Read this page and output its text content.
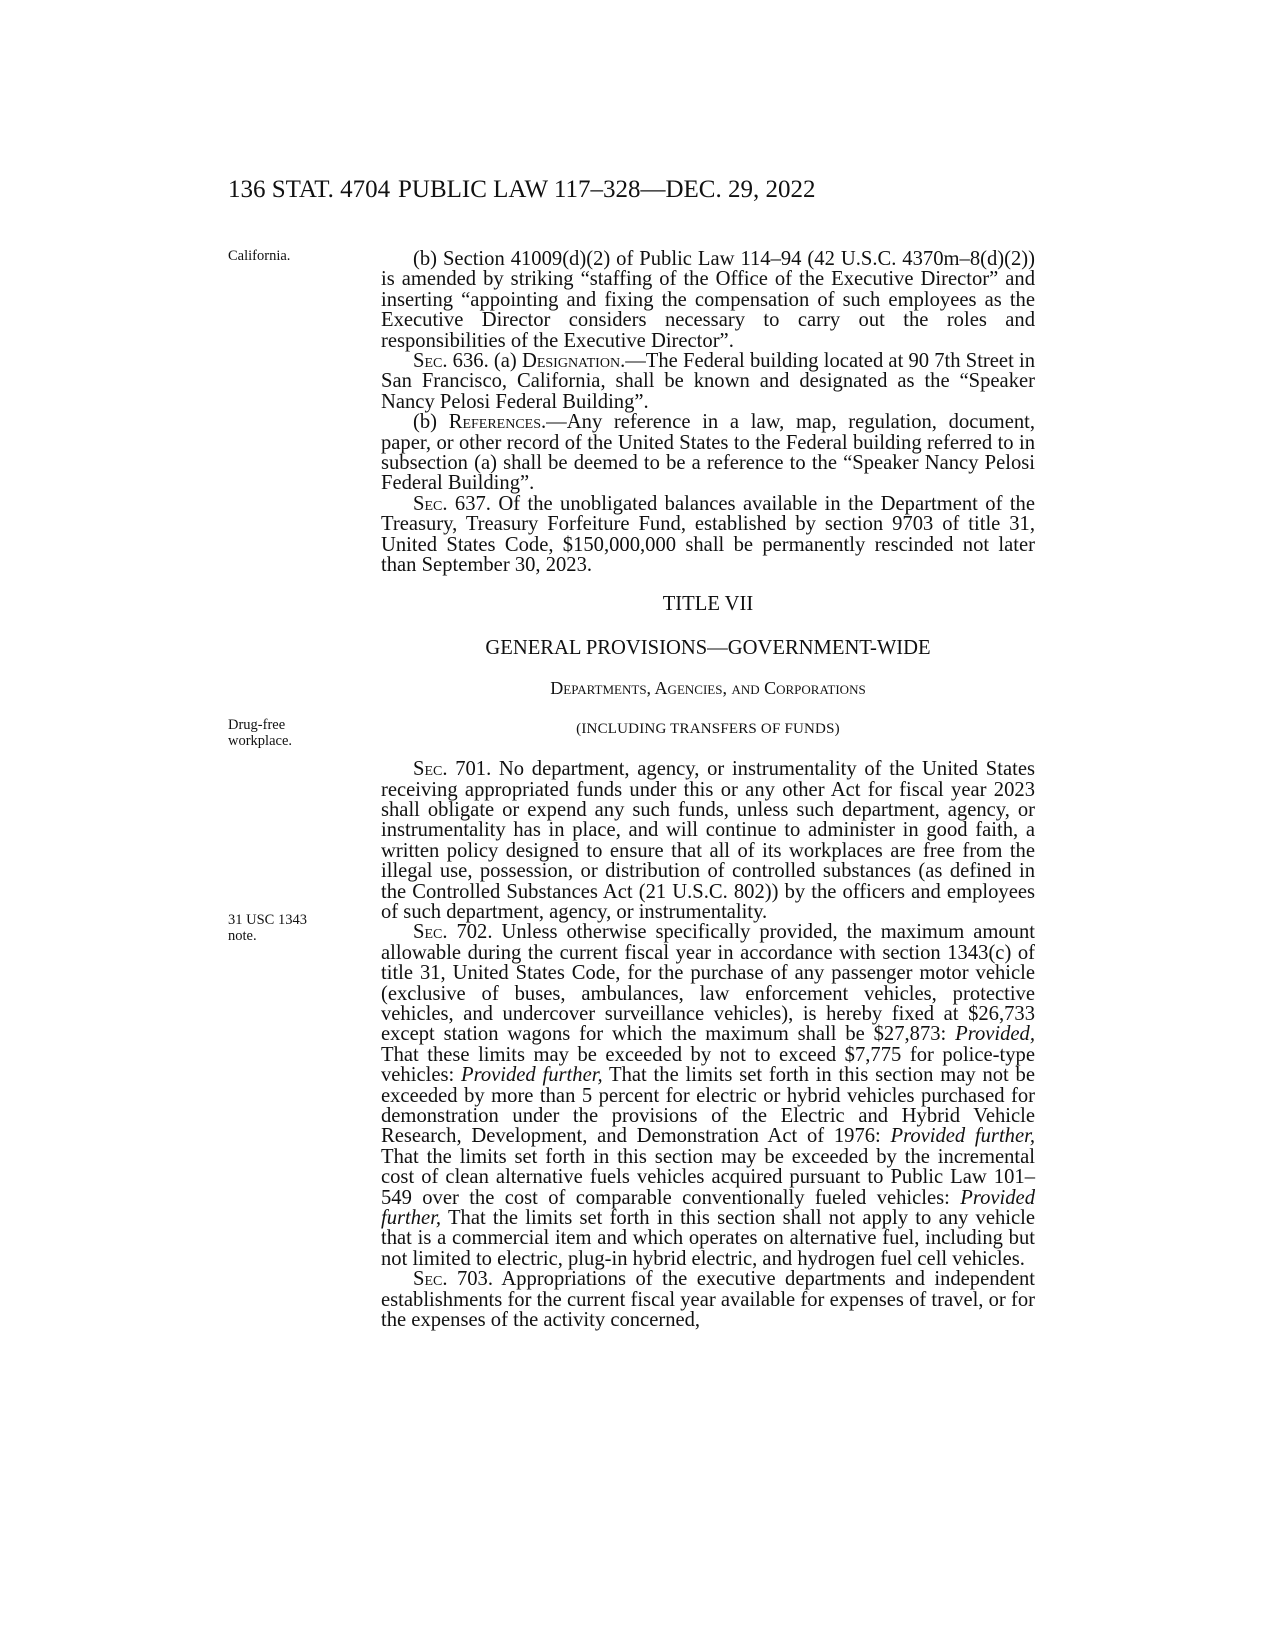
136 STAT. 4704 PUBLIC LAW 117–328—DEC. 29, 2022
California.
Drug-free
workplace.
31 USC 1343
note.

(b) Section 41009(d)(2) of Public Law 114–94 (42 U.S.C. 4370m–8(d)(2)) is amended by striking “staffing of the Office of the Executive Director” and inserting “appointing and fixing the compensation of such employees as the Executive Director considers necessary to carry out the roles and responsibilities of the Executive Director”.

Sec. 636. (a) Designation.—The Federal building located at 90 7th Street in San Francisco, California, shall be known and designated as the “Speaker Nancy Pelosi Federal Building”.

(b) References.—Any reference in a law, map, regulation, document, paper, or other record of the United States to the Federal building referred to in subsection (a) shall be deemed to be a reference to the “Speaker Nancy Pelosi Federal Building”.

Sec. 637. Of the unobligated balances available in the Department of the Treasury, Treasury Forfeiture Fund, established by section 9703 of title 31, United States Code, $150,000,000 shall be permanently rescinded not later than September 30, 2023.

TITLE VII

GENERAL PROVISIONS—GOVERNMENT-WIDE

Departments, Agencies, and Corporations

(INCLUDING TRANSFERS OF FUNDS)

Sec. 701. No department, agency, or instrumentality of the United States receiving appropriated funds under this or any other Act for fiscal year 2023 shall obligate or expend any such funds, unless such department, agency, or instrumentality has in place, and will continue to administer in good faith, a written policy designed to ensure that all of its workplaces are free from the illegal use, possession, or distribution of controlled substances (as defined in the Controlled Substances Act (21 U.S.C. 802)) by the officers and employees of such department, agency, or instrumentality.

Sec. 702. Unless otherwise specifically provided, the maximum amount allowable during the current fiscal year in accordance with section 1343(c) of title 31, United States Code, for the purchase of any passenger motor vehicle (exclusive of buses, ambulances, law enforcement vehicles, protective vehicles, and undercover surveillance vehicles), is hereby fixed at $26,733 except station wagons for which the maximum shall be $27,873: Provided, That these limits may be exceeded by not to exceed $7,775 for police-type vehicles: Provided further, That the limits set forth in this section may not be exceeded by more than 5 percent for electric or hybrid vehicles purchased for demonstration under the provisions of the Electric and Hybrid Vehicle Research, Development, and Demonstration Act of 1976: Provided further, That the limits set forth in this section may be exceeded by the incremental cost of clean alternative fuels vehicles acquired pursuant to Public Law 101–549 over the cost of comparable conventionally fueled vehicles: Provided further, That the limits set forth in this section shall not apply to any vehicle that is a commercial item and which operates on alternative fuel, including but not limited to electric, plug-in hybrid electric, and hydrogen fuel cell vehicles.

Sec. 703. Appropriations of the executive departments and independent establishments for the current fiscal year available for expenses of travel, or for the expenses of the activity concerned,
